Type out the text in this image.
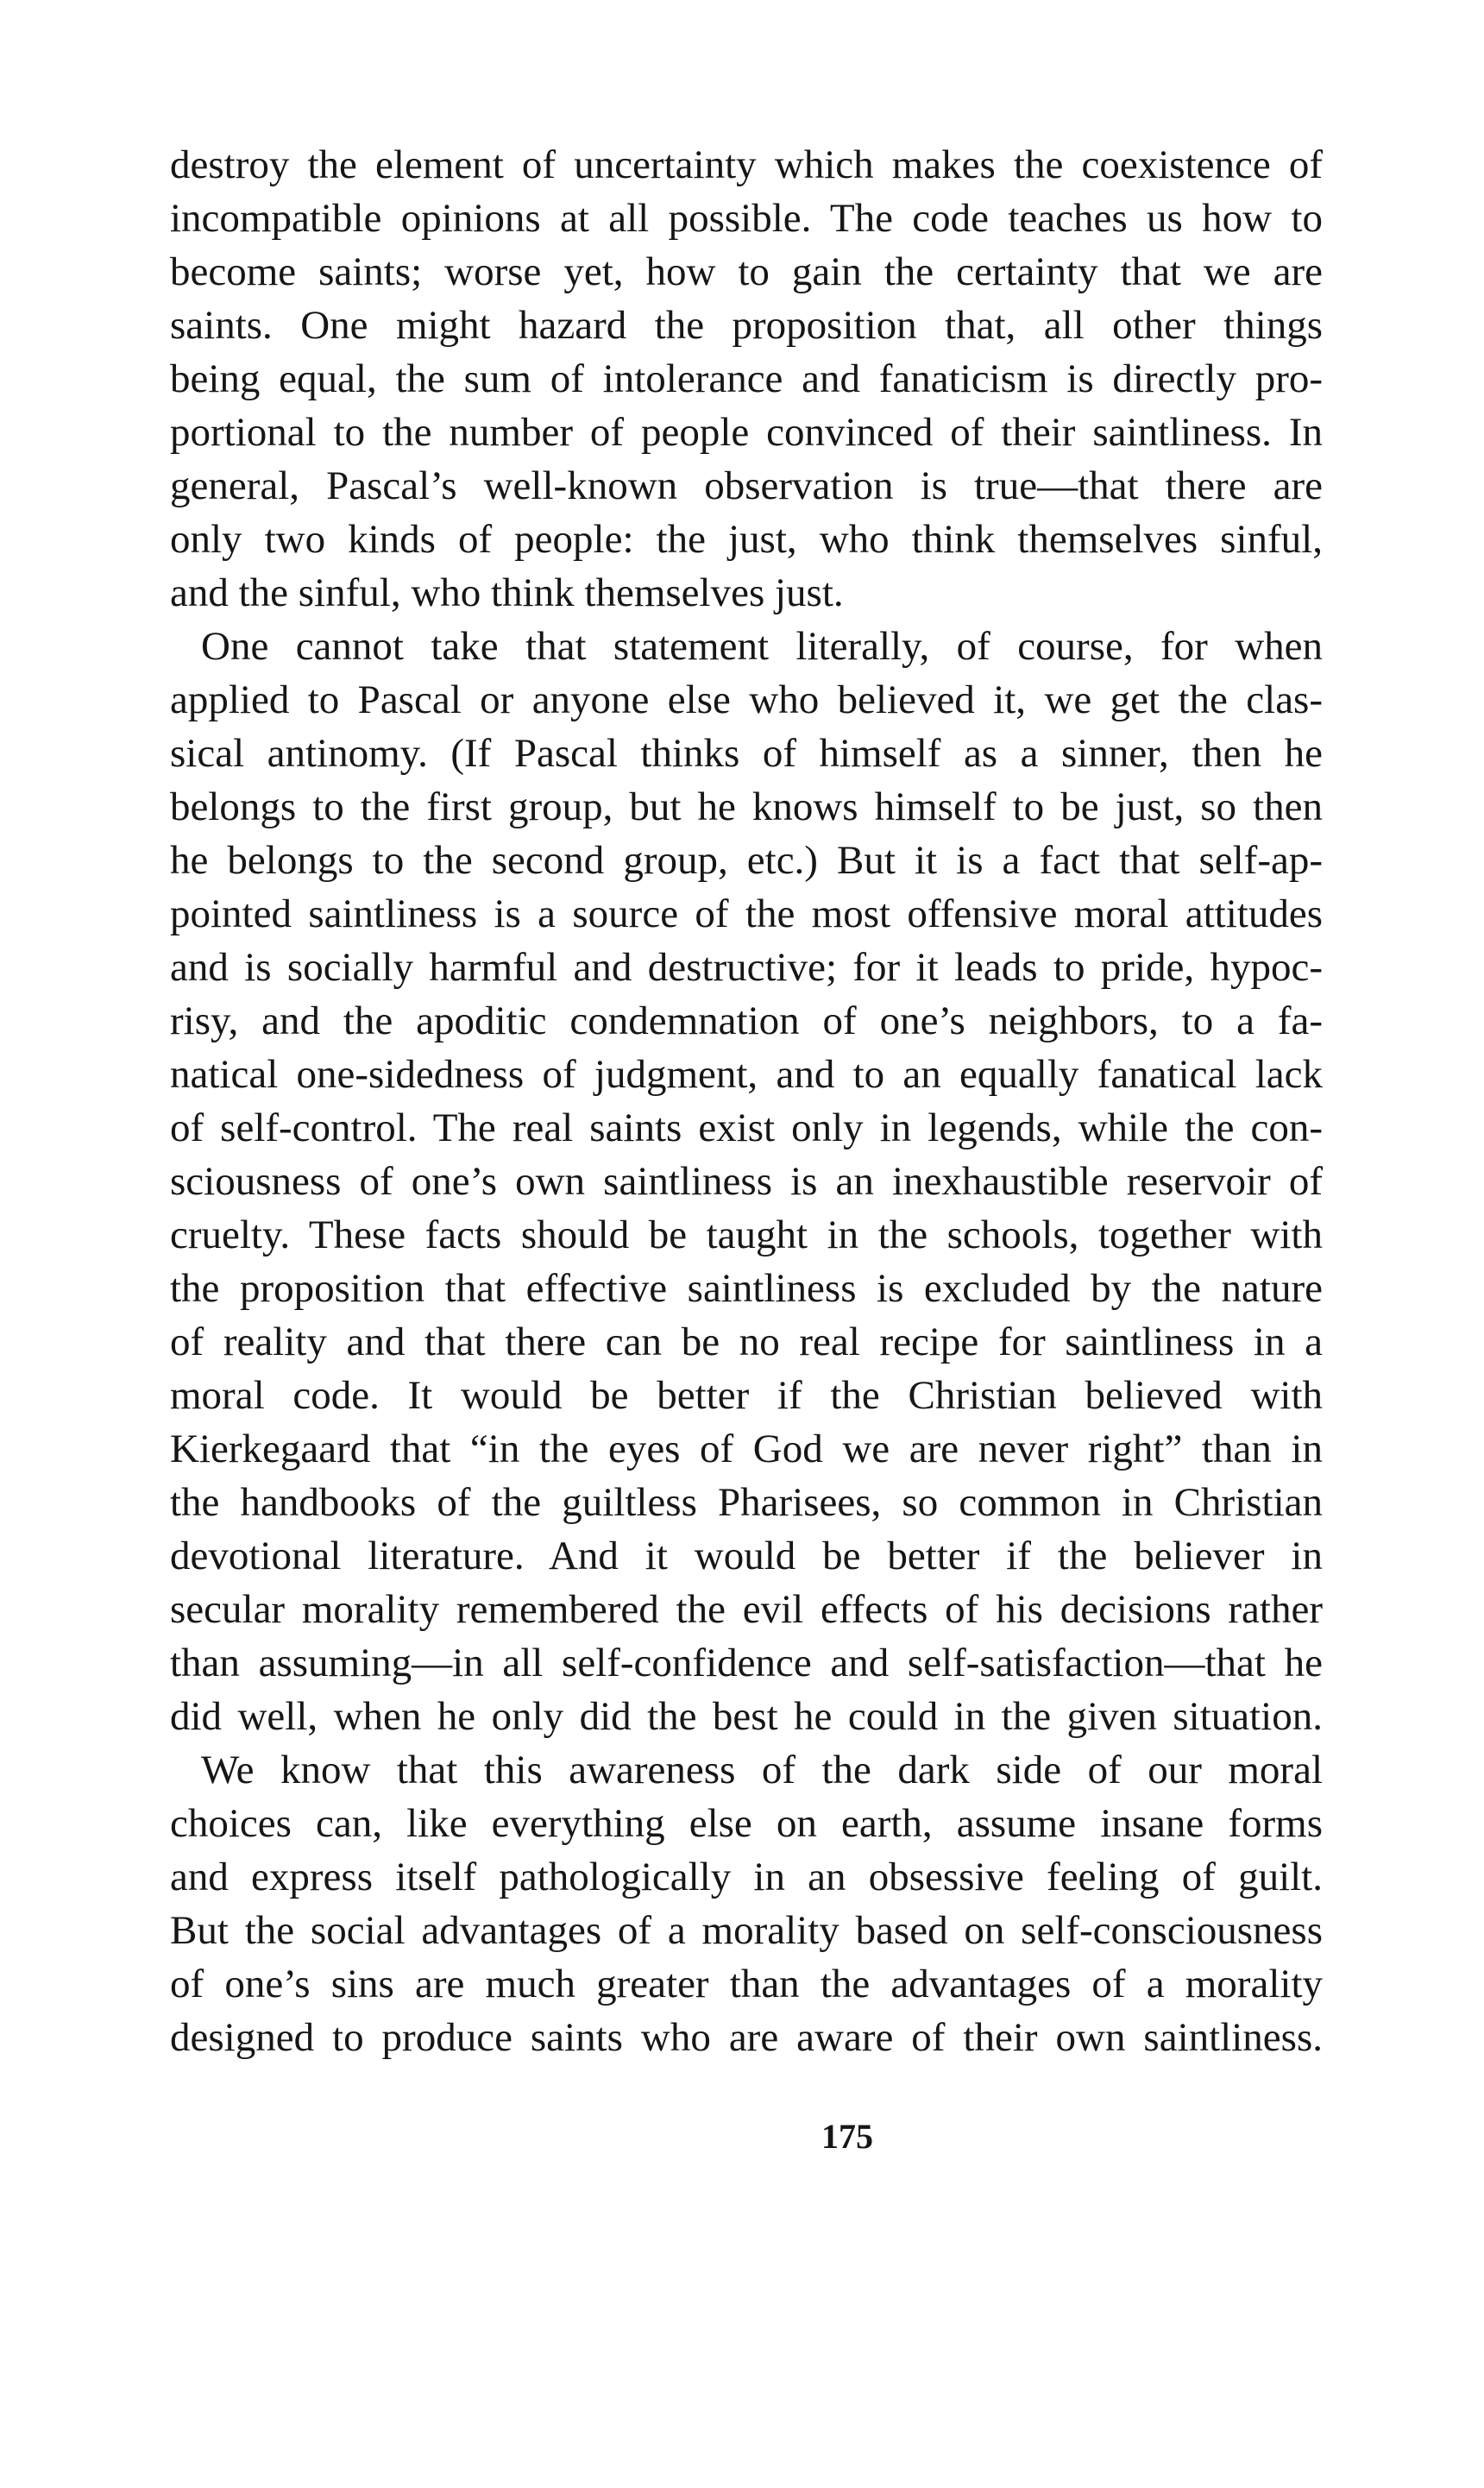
destroy the element of uncertainty which makes the coexistence of
incompatible opinions at all possible. The code teaches us how to
become saints; worse yet, how to gain the certainty that we are
saints. One might hazard the proposition that, all other things
being equal, the sum of intolerance and fanaticism is directly pro-
portional to the number of people convinced of their saintliness. In
general, Pascal’s well-known observation is true—that there are
only two kinds of people: the just, who think themselves sinful,
and the sinful, who think themselves just.
One cannot take that statement literally, of course, for when
applied to Pascal or anyone else who believed it, we get the clas-
sical antinomy. (If Pascal thinks of himself as a sinner, then he
belongs to the first group, but he knows himself to be just, so then
he belongs to the second group, etc.) But it is a fact that self-ap-
pointed saintliness is a source of the most offensive moral attitudes
and is socially harmful and destructive; for it leads to pride, hypoc-
risy, and the apoditic condemnation of one’s neighbors, to a fa-
natical one-sidedness of judgment, and to an equally fanatical lack
of self-control. The real saints exist only in legends, while the con-
sciousness of one’s own saintliness is an inexhaustible reservoir of
cruelty. These facts should be taught in the schools, together with
the proposition that effective saintliness is excluded by the nature
of reality and that there can be no real recipe for saintliness in a
moral code. It would be better if the Christian believed with
Kierkegaard that “in the eyes of God we are never right” than in
the handbooks of the guiltless Pharisees, so common in Christian
devotional literature. And it would be better if the believer in
secular morality remembered the evil effects of his decisions rather
than assuming—in all self-confidence and self-satisfaction—that he
did well, when he only did the best he could in the given situation.
We know that this awareness of the dark side of our moral
choices can, like everything else on earth, assume insane forms
and express itself pathologically in an obsessive feeling of guilt.
But the social advantages of a morality based on self-consciousness
of one’s sins are much greater than the advantages of a morality
designed to produce saints who are aware of their own saintliness.
175
